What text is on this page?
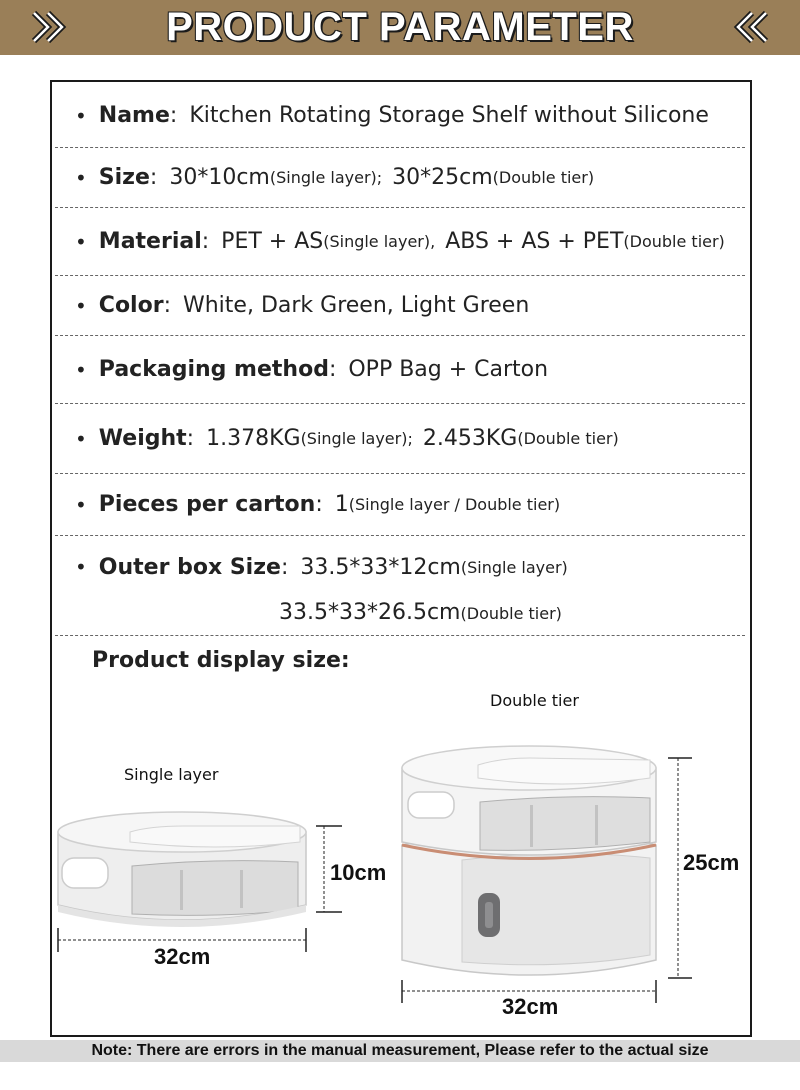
PRODUCT PARAMETER
• Name : Kitchen Rotating Storage Shelf without Silicone
• Size : 30*10cm (Single layer); 30*25cm (Double tier)
• Material : PET + AS (Single layer), ABS + AS + PET (Double tier)
• Color : White, Dark Green, Light Green
• Packaging method : OPP Bag + Carton
• Weight : 1.378KG (Single layer); 2.453KG (Double tier)
• Pieces per carton : 1 (Single layer / Double tier)
• Outer box Size : 33.5*33*12cm (Single layer)
33.5*33*26.5cm (Double tier)
Product display size:
Single layer
Double tier
10cm
32cm
25cm
32cm
Note: There are errors in the manual measurement, Please refer to the actual size
